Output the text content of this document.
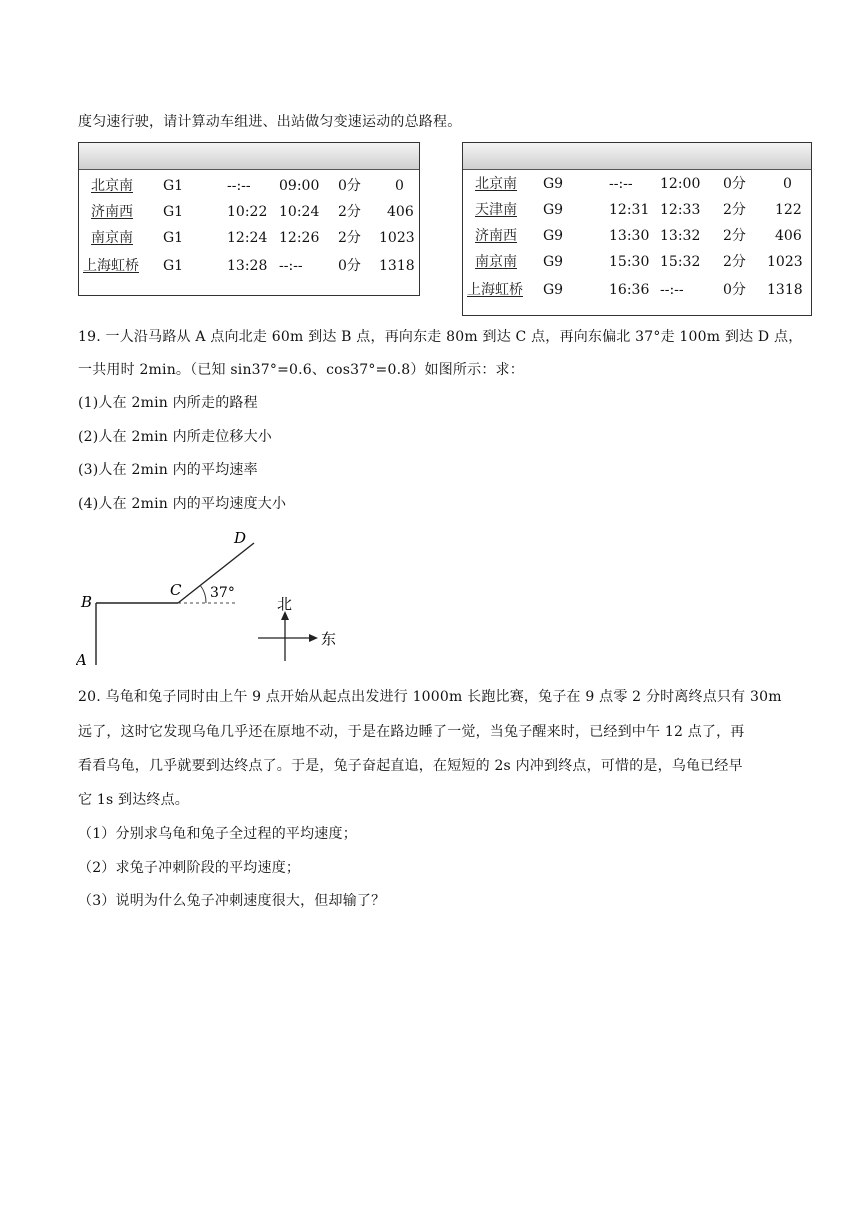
度匀速行驶，请计算动车组进、出站做匀变速运动的总路程。
北京南 G1	--:-- 09:00 0分 0
济南西 G1	10:22 10:24 2分 406
南京南 G1	12:24 12:26 2分 1023
上海虹桥 G1	13:28 --:--	0分 1318
北京南 G9	--:-- 12:00 0分	0
天津南 G9	12:31 12:33 2分 122
济南西 G9	13:30 13:32 2分 406
南京南 G9	15:30 15:32 2分 1023
上海虹桥 G9	16:36 --:--	0分 1318
19. 一人沿马路从 A 点向北走 60m 到达 B 点，再向东走 80m 到达 C 点，再向东偏北 37°走 100m 到达 D 点，
一共用时 2min。（已知 sin37°=0.6、cos37°=0.8）如图所示：求：
(1)人在 2min 内所走的路程
(2)人在 2min 内所走位移大小
(3)人在 2min 内的平均速率
(4)人在 2min 内的平均速度大小
A
B
C
D
37°
北
东
20. 乌龟和兔子同时由上午 9 点开始从起点出发进行 1000m 长跑比赛，兔子在 9 点零 2 分时离终点只有 30m
远了，这时它发现乌龟几乎还在原地不动，于是在路边睡了一觉，当兔子醒来时，已经到中午 12 点了，再
看看乌龟，几乎就要到达终点了。于是，兔子奋起直追，在短短的 2s 内冲到终点，可惜的是，乌龟已经早
它 1s 到达终点。
（1）分别求乌龟和兔子全过程的平均速度；
（2）求兔子冲刺阶段的平均速度；
（3）说明为什么兔子冲刺速度很大，但却输了？
